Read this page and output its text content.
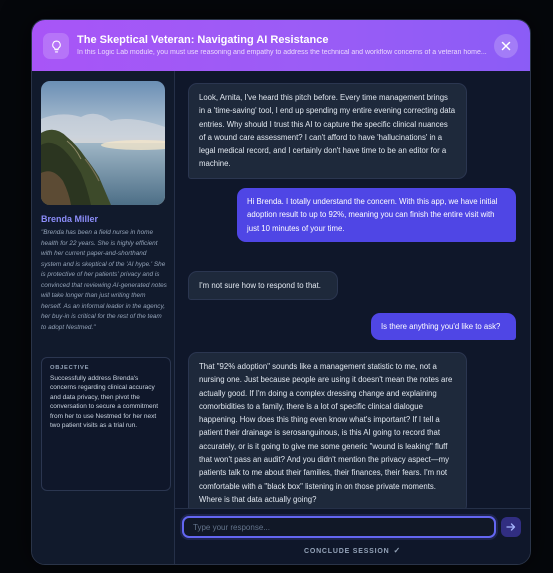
The Skeptical Veteran: Navigating AI Resistance
In this Logic Lab module, you must use reasoning and empathy to address the technical and workflow concerns of a veteran home...
Brenda Miller
"Brenda has been a field nurse in home health for 22 years. She is highly efficient with her current paper-and-shorthand system and is skeptical of the 'AI hype.' She is protective of her patients' privacy and is convinced that reviewing AI-generated notes will take longer than just writing them herself. As an informal leader in the agency, her buy-in is critical for the rest of the team to adopt Nestmed."
OBJECTIVE
Successfully address Brenda's concerns regarding clinical accuracy and data privacy, then pivot the conversation to secure a commitment from her to use Nestmed for her next two patient visits as a trial run.
Look, Arnita, I've heard this pitch before. Every time management brings in a 'time-saving' tool, I end up spending my entire evening correcting data entries. Why should I trust this AI to capture the specific clinical nuances of a wound care assessment? I can't afford to have 'hallucinations' in a legal medical record, and I certainly don't have time to be an editor for a machine.
Hi Brenda. I totally understand the concern. With this app, we have initial adoption result to up to 92%, meaning you can finish the entire visit with just 10 minutes of your time.
I'm not sure how to respond to that.
Is there anything you'd like to ask?
That "92% adoption" sounds like a management statistic to me, not a nursing one. Just because people are using it doesn't mean the notes are actually good. If I'm doing a complex dressing change and explaining comorbidities to a family, there is a lot of specific clinical dialogue happening. How does this thing even know what's important? If I tell a patient their drainage is serosanguinous, is this AI going to record that accurately, or is it going to give me some generic "wound is leaking" fluff that won't pass an audit? And you didn't mention the privacy aspect—my patients talk to me about their families, their finances, their fears. I'm not comfortable with a "black box" listening in on those private moments. Where is that data actually going?
Type your response...
CONCLUDE SESSION ✓
